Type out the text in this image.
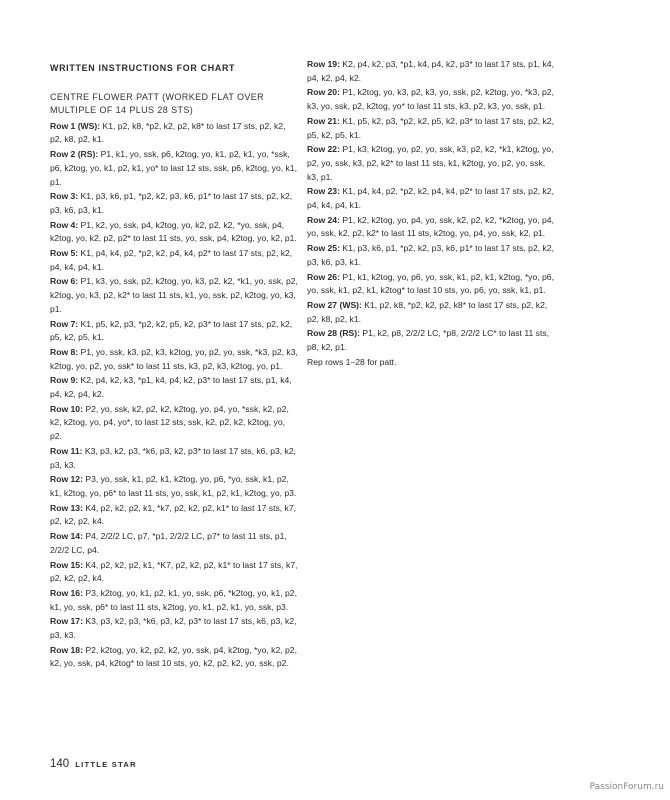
WRITTEN INSTRUCTIONS FOR CHART
CENTRE FLOWER PATT (WORKED FLAT OVER MULTIPLE OF 14 PLUS 28 STS)
Row 1 (WS): K1, p2, k8, *p2, k2, p2, k8* to last 17 sts, p2, k2, p2, k8, p2, k1.
Row 2 (RS): P1, k1, yo, ssk, p6, k2tog, yo, k1, p2, k1, yo, *ssk, p6, k2tog, yo, k1, p2, k1, yo* to last 12 sts, ssk, p6, k2tog, yo, k1, p1.
Row 3: K1, p3, k6, p1, *p2, k2, p3, k6, p1* to last 17 sts, p2, k2, p3, k6, p3, k1.
Row 4: P1, k2, yo, ssk, p4, k2tog, yo, k2, p2, k2, *yo, ssk, p4, k2tog, yo, k2, p2, p2* to last 11 sts, yo, ssk, p4, k2tog, yo, k2, p1.
Row 5: K1, p4, k4, p2, *p2, k2, p4, k4, p2* to last 17 sts, p2, k2, p4, k4, p4, k1.
Row 6: P1, k3, yo, ssk, p2, k2tog, yo, k3, p2, k2, *k1, yo, ssk, p2, k2tog, yo, k3, p2, k2* to last 11 sts, k1, yo, ssk, p2, k2tog, yo, k3, p1.
Row 7: K1, p5, k2, p3, *p2, k2, p5, k2, p3* to last 17 sts, p2, k2, p5, k2, p5, k1.
Row 8: P1, yo, ssk, k3, p2, k3, k2tog, yo, p2, yo, ssk, *k3, p2, k3, k2tog, yo, p2, yo, ssk* to last 11 sts, k3, p2, k3, k2tog, yo, p1.
Row 9: K2, p4, k2, k3, *p1, k4, p4, k2, p3* to last 17 sts, p1, k4, p4, k2, p4, k2.
Row 10: P2, yo, ssk, k2, p2, k2, k2tog, yo, p4, yo, *ssk, k2, p2, k2, k2tog, yo, p4, yo*, to last 12 sts, ssk, k2, p2, k2, k2tog, yo, p2.
Row 11: K3, p3, k2, p3, *k6, p3, k2, p3* to last 17 sts, k6, p3, k2, p3, k3.
Row 12: P3, yo, ssk, k1, p2, k1, k2tog, yo, p6, *yo, ssk, k1, p2, k1, k2tog, yo, p6* to last 11 sts, yo, ssk, k1, p2, k1, k2tog, yo, p3.
Row 13: K4, p2, k2, p2, k1, *k7, p2, k2, p2, k1* to last 17 sts, k7, p2, k2, p2, k4.
Row 14: P4, 2/2/2 LC, p7, *p1, 2/2/2 LC, p7* to last 11 sts, p1, 2/2/2 LC, p4.
Row 15: K4, p2, k2, p2, k1, *K7, p2, k2, p2, k1* to last 17 sts, k7, p2, k2, p2, k4.
Row 16: P3, k2tog, yo, k1, p2, k1, yo, ssk, p6, *k2tog, yo, k1, p2, k1, yo, ssk, p6* to last 11 sts, k2tog, yo, k1, p2, k1, yo, ssk, p3.
Row 17: K3, p3, k2, p3, *k6, p3, k2, p3* to last 17 sts, k6, p3, k2, p3, k3.
Row 18: P2, k2tog, yo, k2, p2, k2, yo, ssk, p4, k2tog, *yo, k2, p2, k2, yo, ssk, p4, k2tog* to last 10 sts, yo, k2, p2, k2, yo, ssk, p2.
Row 19: K2, p4, k2, p3, *p1, k4, p4, k2, p3* to last 17 sts, p1, k4, p4, k2, p4, k2.
Row 20: P1, k2tog, yo, k3, p2, k3, yo, ssk, p2, k2tog, yo, *k3, p2, k3, yo, ssk, p2, k2tog, yo* to last 11 sts, k3, p2, k3, yo, ssk, p1.
Row 21: K1, p5, k2, p3, *p2, k2, p5, k2, p3* to last 17 sts, p2, k2, p5, k2, p5, k1.
Row 22: P1, k3, k2tog, yo, p2, yo, ssk, k3, p2, k2, *k1, k2tog, yo, p2, yo, ssk, k3, p2, k2* to last 11 sts, k1, k2tog, yo, p2, yo, ssk, k3, p1.
Row 23: K1, p4, k4, p2, *p2, k2, p4, k4, p2* to last 17 sts, p2, k2, p4, k4, p4, k1.
Row 24: P1, k2, k2tog, yo, p4, yo, ssk, k2, p2, k2, *k2tog, yo, p4, yo, ssk, k2, p2, k2* to last 11 sts, k2tog, yo, p4, yo, ssk, k2, p1.
Row 25: K1, p3, k6, p1, *p2, k2, p3, k6, p1* to last 17 sts, p2, k2, p3, k6, p3, k1.
Row 26: P1, k1, k2tog, yo, p6, yo, ssk, k1, p2, k1, k2tog, *yo, p6, yo, ssk, k1, p2, k1, k2tog* to last 10 sts, yo, p6, yo, ssk, k1, p1.
Row 27 (WS): K1, p2, k8, *p2, k2, p2, k8* to last 17 sts, p2, k2, p2, k8, p2, k1.
Row 28 (RS): P1, k2, p8, 2/2/2 LC, *p8, 2/2/2 LC* to last 11 sts, p8, k2, p1.
Rep rows 1–28 for patt.
140 LITTLE STAR
PassionForum.ru
